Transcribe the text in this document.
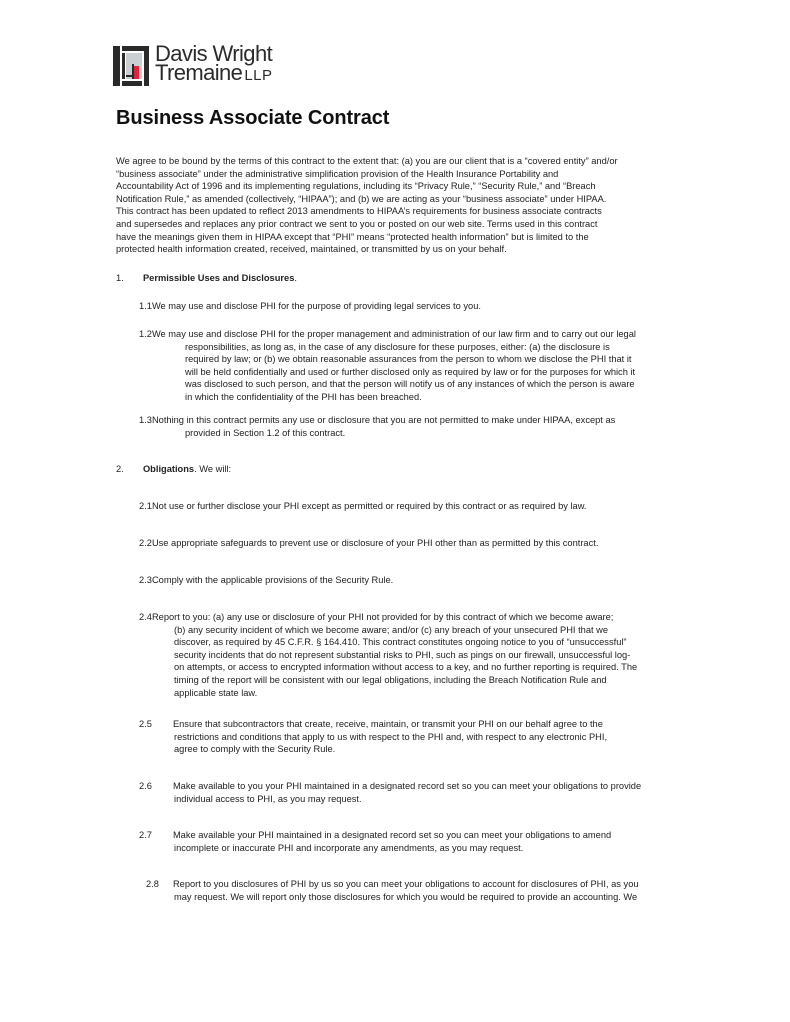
Davis Wright
Tremaine LLP
Business Associate Contract
We agree to be bound by the terms of this contract to the extent that: (a) you are our client that is a “covered entity” and/or
“business associate” under the administrative simplification provision of the Health Insurance Portability and
Accountability Act of 1996 and its implementing regulations, including its “Privacy Rule,” “Security Rule,” and “Breach
Notification Rule,” as amended (collectively, “HIPAA”); and (b) we are acting as your “business associate” under HIPAA.
This contract has been updated to reflect 2013 amendments to HIPAA’s requirements for business associate contracts
and supersedes and replaces any prior contract we sent to you or posted on our web site. Terms used in this contract
have the meanings given them in HIPAA except that “PHI” means “protected health information” but is limited to the
protected health information created, received, maintained, or transmitted by us on your behalf.
1. Permissible Uses and Disclosures.
1.1We may use and disclose PHI for the purpose of providing legal services to you.
1.2We may use and disclose PHI for the proper management and administration of our law firm and to carry out our legal
responsibilities, as long as, in the case of any disclosure for these purposes, either: (a) the disclosure is
required by law; or (b) we obtain reasonable assurances from the person to whom we disclose the PHI that it
will be held confidentially and used or further disclosed only as required by law or for the purposes for which it
was disclosed to such person, and that the person will notify us of any instances of which the person is aware
in which the confidentiality of the PHI has been breached.
1.3Nothing in this contract permits any use or disclosure that you are not permitted to make under HIPAA, except as
provided in Section 1.2 of this contract.
2. Obligations. We will:
2.1Not use or further disclose your PHI except as permitted or required by this contract or as required by law.
2.2Use appropriate safeguards to prevent use or disclosure of your PHI other than as permitted by this contract.
2.3Comply with the applicable provisions of the Security Rule.
2.4Report to you: (a) any use or disclosure of your PHI not provided for by this contract of which we become aware;
(b) any security incident of which we become aware; and/or (c) any breach of your unsecured PHI that we
discover, as required by 45 C.F.R. § 164.410. This contract constitutes ongoing notice to you of “unsuccessful”
security incidents that do not represent substantial risks to PHI, such as pings on our firewall, unsuccessful log-
on attempts, or access to encrypted information without access to a key, and no further reporting is required. The
timing of the report will be consistent with our legal obligations, including the Breach Notification Rule and
applicable state law.
2.5 Ensure that subcontractors that create, receive, maintain, or transmit your PHI on our behalf agree to the
restrictions and conditions that apply to us with respect to the PHI and, with respect to any electronic PHI,
agree to comply with the Security Rule.
2.6 Make available to you your PHI maintained in a designated record set so you can meet your obligations to provide
individual access to PHI, as you may request.
2.7 Make available your PHI maintained in a designated record set so you can meet your obligations to amend
incomplete or inaccurate PHI and incorporate any amendments, as you may request.
2.8 Report to you disclosures of PHI by us so you can meet your obligations to account for disclosures of PHI, as you
may request. We will report only those disclosures for which you would be required to provide an accounting. We
